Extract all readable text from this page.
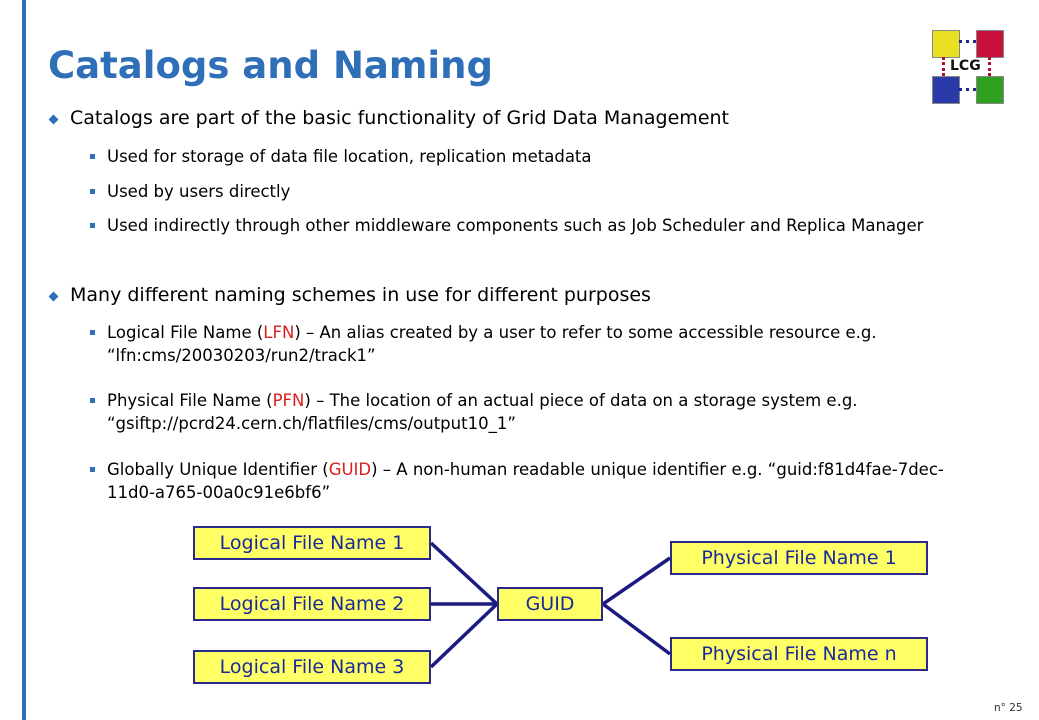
Catalogs and Naming	LCG
Catalogs are part of the basic functionality of Grid Data Management
Used for storage of data file location, replication metadata
Used by users directly
Used indirectly through other middleware components such as Job Scheduler and Replica Manager
Many different naming schemes in use for different purposes
Logical File Name (LFN) – An alias created by a user to refer to some accessible resource e.g. “lfn:cms/20030203/run2/track1”
Physical File Name (PFN) – The location of an actual piece of data on a storage system e.g. “gsiftp://pcrd24.cern.ch/flatfiles/cms/output10_1”
Globally Unique Identifier (GUID) – A non-human readable unique identifier e.g. “guid:f81d4fae-7dec-11d0-a765-00a0c91e6bf6”
Logical File Name 1
Logical File Name 2
Logical File Name 3
GUID
Physical File Name 1
Physical File Name n
n° 25
